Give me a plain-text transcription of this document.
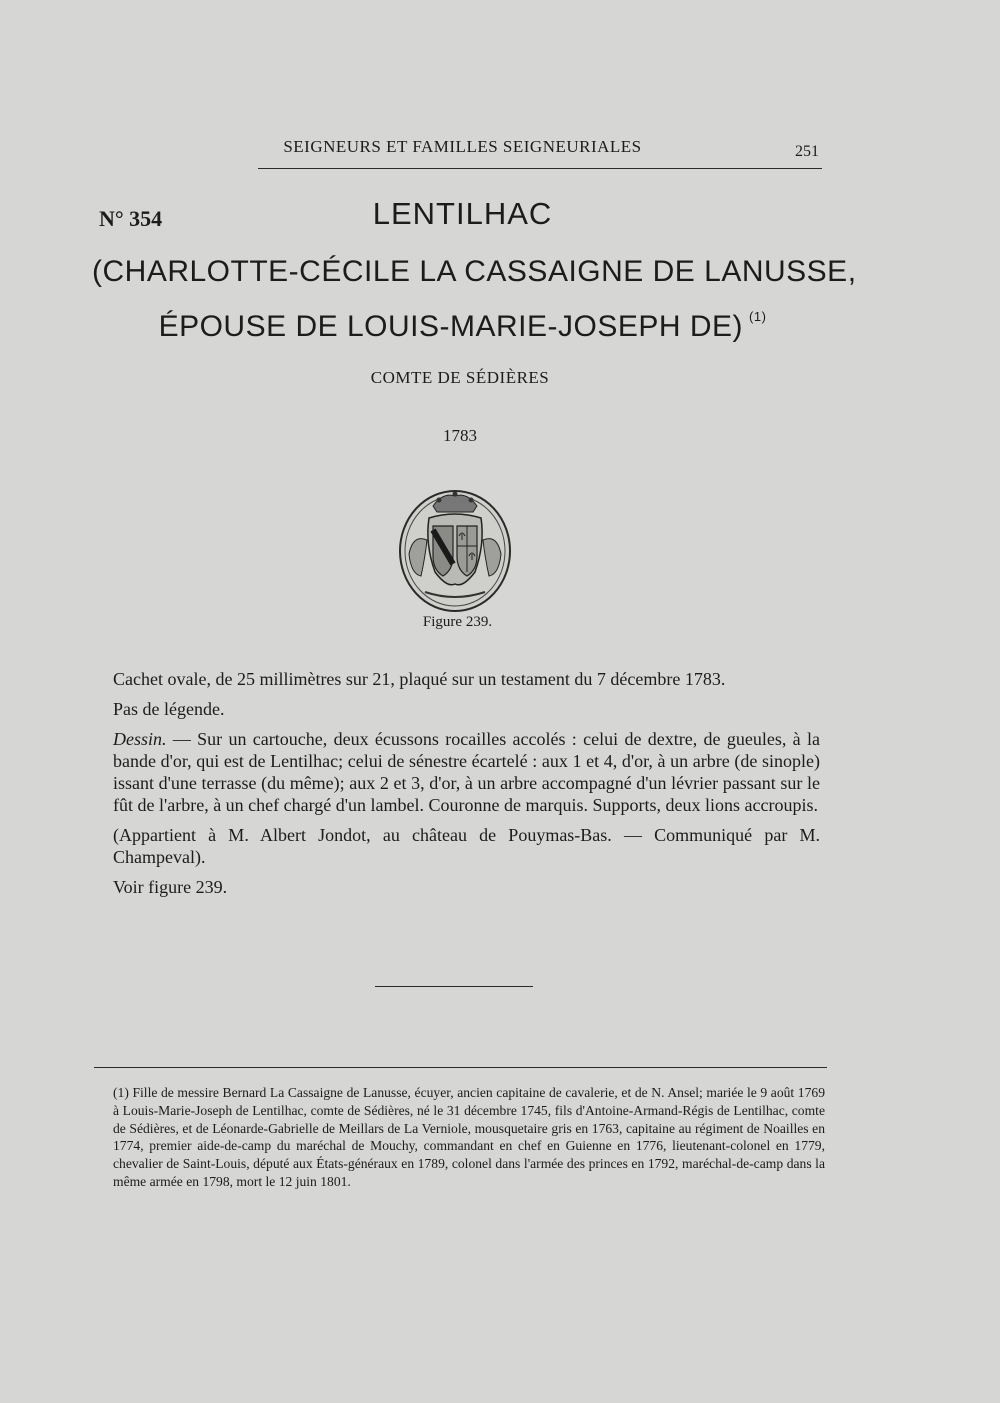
SEIGNEURS ET FAMILLES SEIGNEURIALES	251
N° 354	LENTILHAC
(CHARLOTTE-CÉCILE LA CASSAIGNE DE LANUSSE,
ÉPOUSE DE LOUIS-MARIE-JOSEPH DE) $^{(1)}$
COMTE DE SÉDIÈRES
1783
Figure 239.

Cachet ovale, de 25 millimètres sur 21, plaqué sur un testament du 7 décembre 1783.

Pas de légende.

Dessin. — Sur un cartouche, deux écussons rocailles accolés : celui de dextre, de gueules, à la bande d'or, qui est de Lentilhac; celui de sénestre écartelé : aux 1 et 4, d'or, à un arbre (de sinople) issant d'une terrasse (du même); aux 2 et 3, d'or, à un arbre accompagné d'un lévrier passant sur le fût de l'arbre, à un chef chargé d'un lambel. Couronne de marquis. Supports, deux lions accroupis.

(Appartient à M. Albert Jondot, au château de Pouymas-Bas. — Communiqué par M. Champeval).

Voir figure 239.

(1) Fille de messire Bernard La Cassaigne de Lanusse, écuyer, ancien capitaine de cavalerie, et de N. Ansel; mariée le 9 août 1769 à Louis-Marie-Joseph de Lentilhac, comte de Sédières, né le 31 décembre 1745, fils d'Antoine-Armand-Régis de Lentilhac, comte de Sédières, et de Léonarde-Gabrielle de Meillars de La Verniole, mousquetaire gris en 1763, capitaine au régiment de Noailles en 1774, premier aide-de-camp du maréchal de Mouchy, commandant en chef en Guienne en 1776, lieutenant-colonel en 1779, chevalier de Saint-Louis, député aux États-généraux en 1789, colonel dans l'armée des princes en 1792, maréchal-de-camp dans la même armée en 1798, mort le 12 juin 1801.
